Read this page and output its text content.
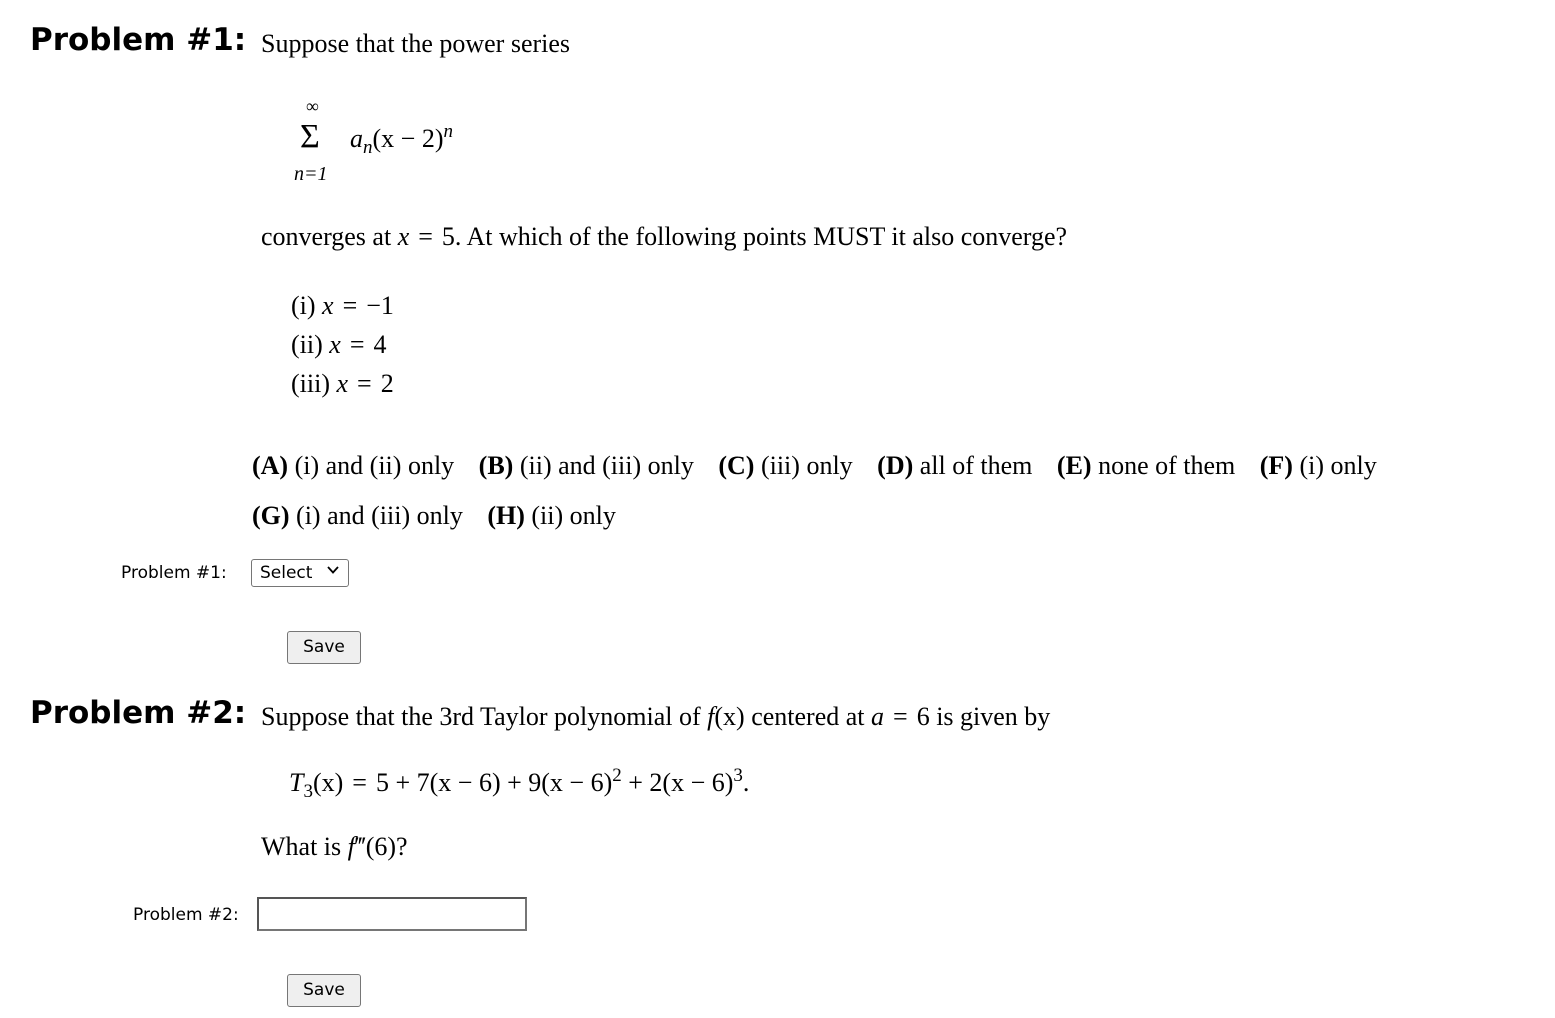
Problem #1: Suppose that the power series
∞
Σ
n=1
$a_n(x - 2)^n$
converges at x = 5. At which of the following points MUST it also converge?
(i) x = −1
(ii) x = 4
(iii) x = 2
(A) (i) and (ii) only (B) (ii) and (iii) only (C) (iii) only (D) all of them (E) none of them (F) (i) only
(G) (i) and (iii) only (H) (ii) only
Problem #1:	Select
Save
Problem #2: Suppose that the 3rd Taylor polynomial of f(x) centered at a = 6 is given by
$T_3(x) = 5 + 7(x - 6) + 9(x - 6)^2 + 2(x - 6)^3$.
What is f‴(6)?
Problem #2:
Save
